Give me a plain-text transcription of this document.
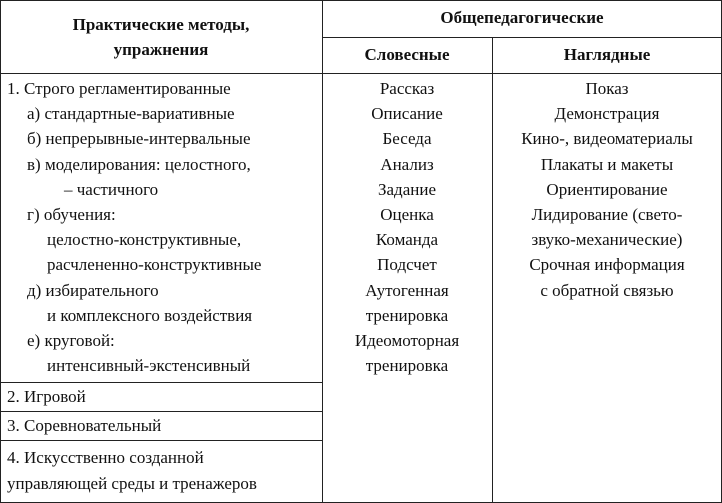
Практические методы,
упражнения
Общепедагогические
Словесные	Наглядные
1. Строго регламентированные
а) стандартные-вариативные
б) непрерывные-интервальные
в) моделирования: целостного,
– частичного
г) обучения:
целостно-конструктивные,
расчлененно-конструктивные
д) избирательного
и комплексного воздействия
е) круговой:
интенсивный-экстенсивный
2. Игровой
3. Соревновательный
4. Искусственно созданной
управляющей среды и тренажеров
Рассказ
Описание
Беседа
Анализ
Задание
Оценка
Команда
Подсчет
Аутогенная
тренировка
Идеомоторная
тренировка
Показ
Демонстрация
Кино-, видеоматериалы
Плакаты и макеты
Ориентирование
Лидирование (свето-
звуко-механические)
Срочная информация
с обратной связью
